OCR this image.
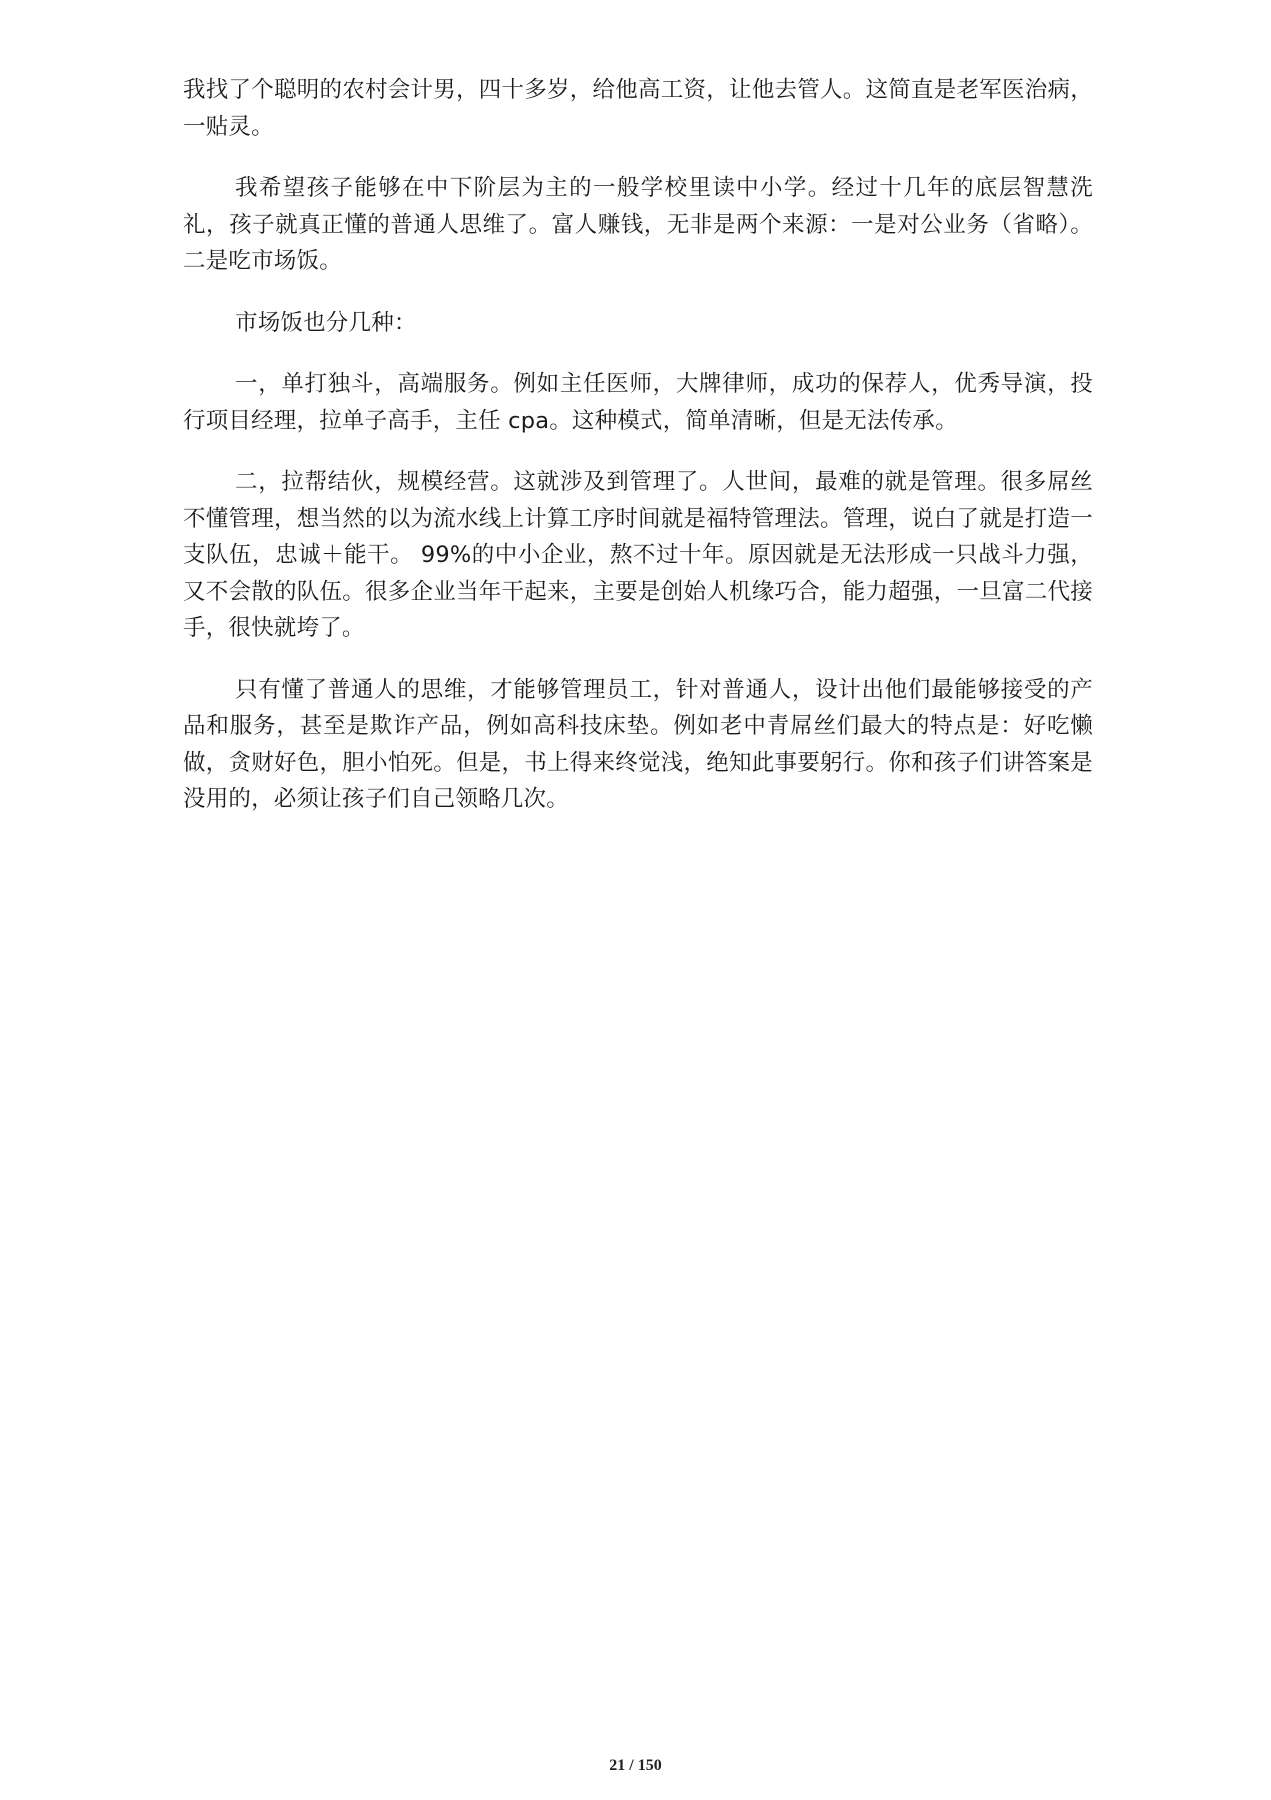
我找了个聪明的农村会计男，四十多岁，给他高工资，让他去管人。这简直是老军医治病，一贴灵。

我希望孩子能够在中下阶层为主的一般学校里读中小学。经过十几年的底层智慧洗礼，孩子就真正懂的普通人思维了。富人赚钱，无非是两个来源：一是对公业务（省略）。二是吃市场饭。

市场饭也分几种：

一，单打独斗，高端服务。例如主任医师，大牌律师，成功的保荐人，优秀导演，投行项目经理，拉单子高手，主任 cpa。这种模式，简单清晰，但是无法传承。

二，拉帮结伙，规模经营。这就涉及到管理了。人世间，最难的就是管理。很多屌丝不懂管理，想当然的以为流水线上计算工序时间就是福特管理法。管理，说白了就是打造一支队伍，忠诚＋能干。 99%的中小企业，熬不过十年。原因就是无法形成一只战斗力强，又不会散的队伍。很多企业当年干起来，主要是创始人机缘巧合，能力超强，一旦富二代接手，很快就垮了。

只有懂了普通人的思维，才能够管理员工，针对普通人，设计出他们最能够接受的产品和服务，甚至是欺诈产品，例如高科技床垫。例如老中青屌丝们最大的特点是：好吃懒做，贪财好色，胆小怕死。但是，书上得来终觉浅，绝知此事要躬行。你和孩子们讲答案是没用的，必须让孩子们自己领略几次。

21 / 150
